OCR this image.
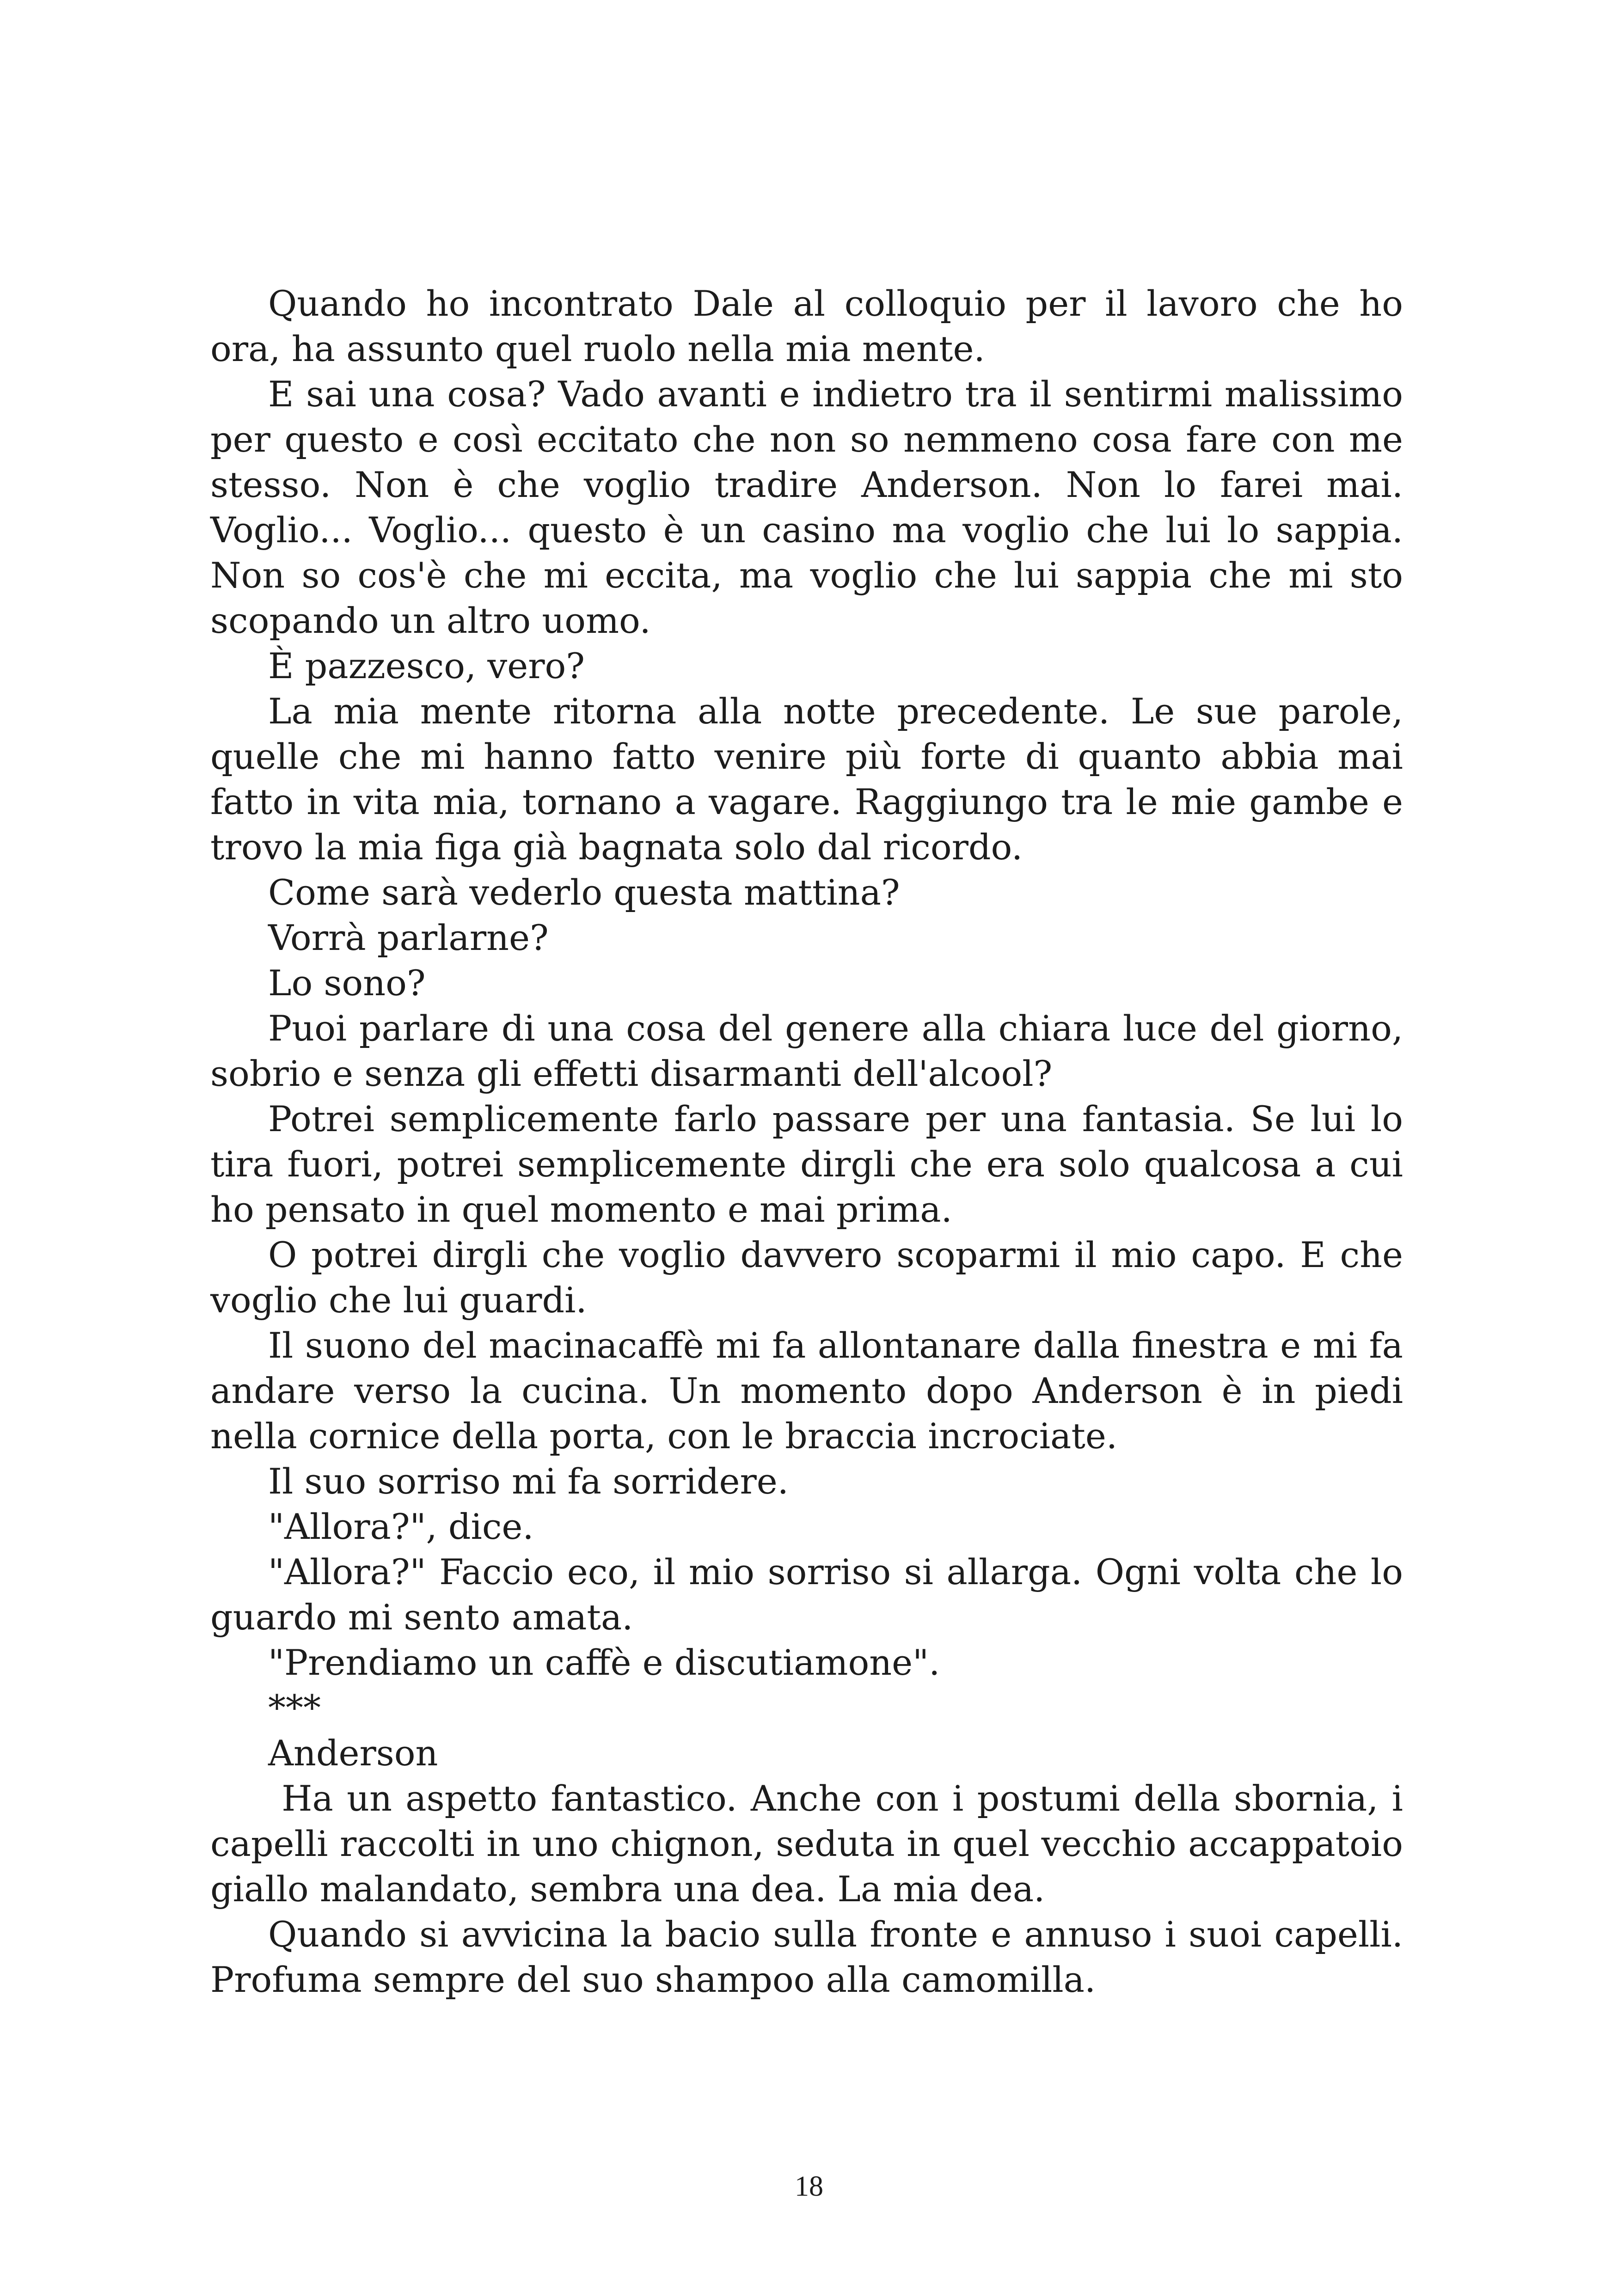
Quando ho incontrato Dale al colloquio per il lavoro che ho ora, ha assunto quel ruolo nella mia mente.

E sai una cosa? Vado avanti e indietro tra il sentirmi malissimo per questo e così eccitato che non so nemmeno cosa fare con me stesso. Non è che voglio tradire Anderson. Non lo farei mai. Voglio... Voglio... questo è un casino ma voglio che lui lo sappia. Non so cos'è che mi eccita, ma voglio che lui sappia che mi sto scopando un altro uomo.

È pazzesco, vero?

La mia mente ritorna alla notte precedente. Le sue parole, quelle che mi hanno fatto venire più forte di quanto abbia mai fatto in vita mia, tornano a vagare. Raggiungo tra le mie gambe e trovo la mia figa già bagnata solo dal ricordo.

Come sarà vederlo questa mattina?

Vorrà parlarne?

Lo sono?

Puoi parlare di una cosa del genere alla chiara luce del giorno, sobrio e senza gli effetti disarmanti dell'alcool?

Potrei semplicemente farlo passare per una fantasia. Se lui lo tira fuori, potrei semplicemente dirgli che era solo qualcosa a cui ho pensato in quel momento e mai prima.

O potrei dirgli che voglio davvero scoparmi il mio capo. E che voglio che lui guardi.

Il suono del macinacaffè mi fa allontanare dalla finestra e mi fa andare verso la cucina. Un momento dopo Anderson è in piedi nella cornice della porta, con le braccia incrociate.

Il suo sorriso mi fa sorridere.

"Allora?", dice.

"Allora?" Faccio eco, il mio sorriso si allarga. Ogni volta che lo guardo mi sento amata.

"Prendiamo un caffè e discutiamone".

***

Anderson

Ha un aspetto fantastico. Anche con i postumi della sbornia, i capelli raccolti in uno chignon, seduta in quel vecchio accappatoio giallo malandato, sembra una dea. La mia dea.

Quando si avvicina la bacio sulla fronte e annuso i suoi capelli. Profuma sempre del suo shampoo alla camomilla.

18
